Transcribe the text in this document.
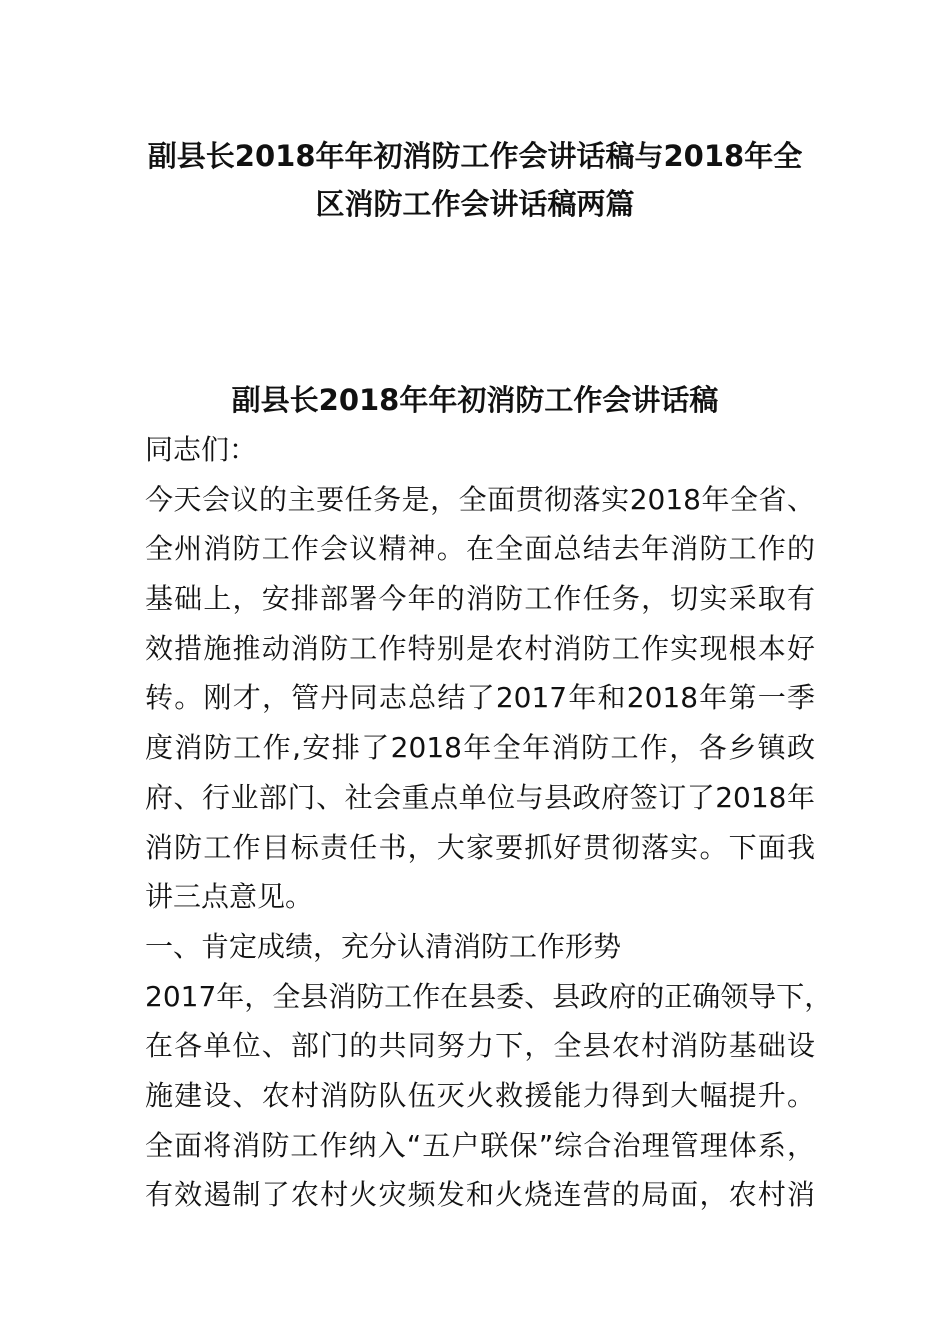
副县长2018年年初消防工作会讲话稿与2018年全
区消防工作会讲话稿两篇
副县长2018年年初消防工作会讲话稿
同志们：
今天会议的主要任务是，全面贯彻落实2018年全省、
全州消防工作会议精神。在全面总结去年消防工作的
基础上，安排部署今年的消防工作任务，切实采取有
效措施推动消防工作特别是农村消防工作实现根本好
转。刚才，管丹同志总结了2017年和2018年第一季
度消防工作,安排了2018年全年消防工作，各乡镇政
府、行业部门、社会重点单位与县政府签订了2018年
消防工作目标责任书，大家要抓好贯彻落实。下面我
讲三点意见。
一、肯定成绩，充分认清消防工作形势
2017年，全县消防工作在县委、县政府的正确领导下，
在各单位、部门的共同努力下，全县农村消防基础设
施建设、农村消防队伍灭火救援能力得到大幅提升。
全面将消防工作纳入“五户联保”综合治理管理体系，
有效遏制了农村火灾频发和火烧连营的局面，农村消
